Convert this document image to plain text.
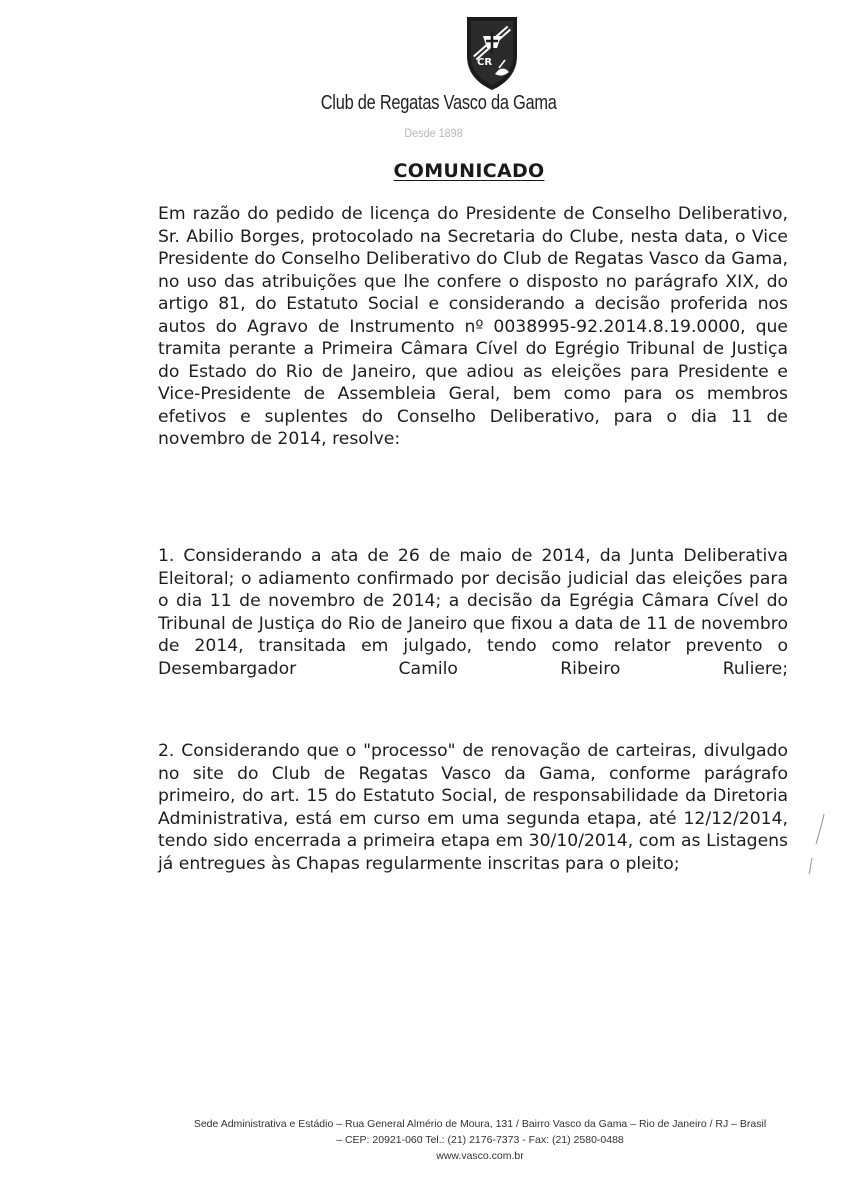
CR
Club de Regatas Vasco da Gama
Desde 1898
COMUNICADO

Em razão do pedido de licença do Presidente de Conselho Deliberativo, Sr. Abilio Borges, protocolado na Secretaria do Clube, nesta data, o Vice Presidente do Conselho Deliberativo do Club de Regatas Vasco da Gama, no uso das atribuições que lhe confere o disposto no parágrafo XIX, do artigo 81, do Estatuto Social e considerando a decisão proferida nos autos do Agravo de Instrumento nº 0038995-92.2014.8.19.0000, que tramita perante a Primeira Câmara Cível do Egrégio Tribunal de Justiça do Estado do Rio de Janeiro, que adiou as eleições para Presidente e Vice-Presidente de Assembleia Geral, bem como para os membros efetivos e suplentes do Conselho Deliberativo, para o dia 11 de novembro de 2014, resolve:

1. Considerando a ata de 26 de maio de 2014, da Junta Deliberativa Eleitoral; o adiamento confirmado por decisão judicial das eleições para o dia 11 de novembro de 2014; a decisão da Egrégia Câmara Cível do Tribunal de Justiça do Rio de Janeiro que fixou a data de 11 de novembro de 2014, transitada em julgado, tendo como relator prevento o Desembargador Camilo Ribeiro Ruliere;

2. Considerando que o "processo" de renovação de carteiras, divulgado no site do Club de Regatas Vasco da Gama, conforme parágrafo primeiro, do art. 15 do Estatuto Social, de responsabilidade da Diretoria Administrativa, está em curso em uma segunda etapa, até 12/12/2014, tendo sido encerrada a primeira etapa em 30/10/2014, com as Listagens já entregues às Chapas regularmente inscritas para o pleito;

Sede Administrativa e Estádio – Rua General Almério de Moura, 131 / Bairro Vasco da Gama – Rio de Janeiro / RJ – Brasil
– CEP: 20921-060 Tel.: (21) 2176-7373 - Fax: (21) 2580-0488
www.vasco.com.br
